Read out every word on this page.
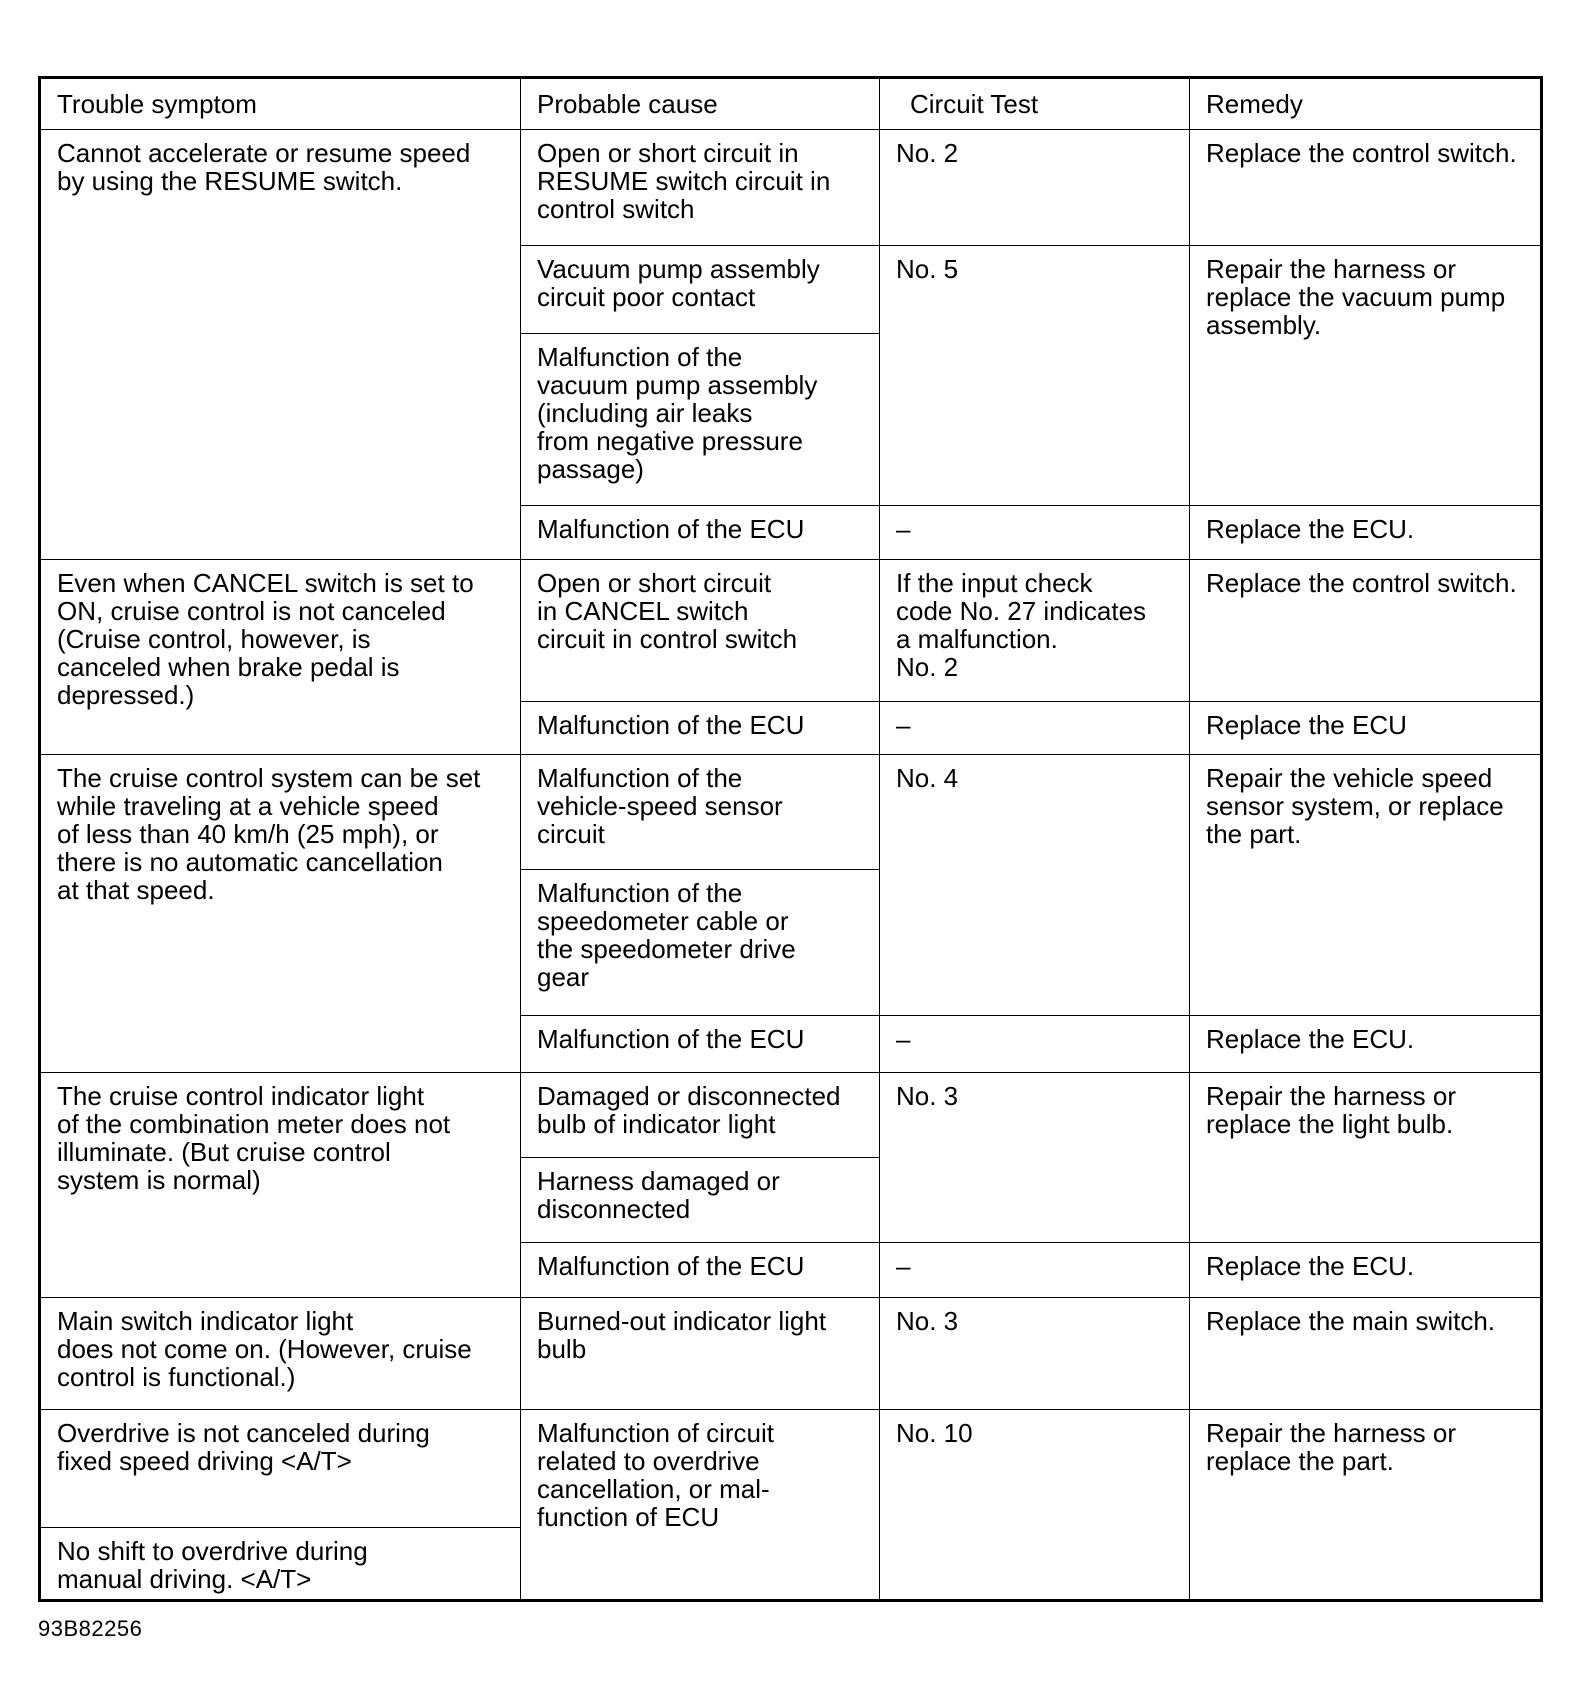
Trouble symptom	Probable cause	Circuit Test	Remedy
Cannot accelerate or resume speed
by using the RESUME switch.	Open or short circuit in
RESUME switch circuit in
control switch	No. 2	Replace the control switch.
	Vacuum pump assembly
circuit poor contact	No. 5	Repair the harness or
replace the vacuum pump
assembly.
	Malfunction of the
vacuum pump assembly
(including air leaks
from negative pressure
passage)		
	Malfunction of the ECU	–	Replace the ECU.
Even when CANCEL switch is set to
ON, cruise control is not canceled
(Cruise control, however, is
canceled when brake pedal is
depressed.)	Open or short circuit
in CANCEL switch
circuit in control switch	If the input check
code No. 27 indicates
a malfunction.
No. 2	Replace the control switch.
	Malfunction of the ECU	–	Replace the ECU
The cruise control system can be set
while traveling at a vehicle speed
of less than 40 km/h (25 mph), or
there is no automatic cancellation
at that speed.	Malfunction of the
vehicle-speed sensor
circuit	No. 4	Repair the vehicle speed
sensor system, or replace
the part.
	Malfunction of the
speedometer cable or
the speedometer drive
gear		
	Malfunction of the ECU	–	Replace the ECU.
The cruise control indicator light
of the combination meter does not
illuminate. (But cruise control
system is normal)	Damaged or disconnected
bulb of indicator light	No. 3	Repair the harness or
replace the light bulb.
	Harness damaged or
disconnected		
	Malfunction of the ECU	–	Replace the ECU.
Main switch indicator light
does not come on. (However, cruise
control is functional.)	Burned-out indicator light
bulb	No. 3	Replace the main switch.
Overdrive is not canceled during
fixed speed driving <A/T>	Malfunction of circuit
related to overdrive
cancellation, or mal-
function of ECU	No. 10	Repair the harness or
replace the part.
No shift to overdrive during
manual driving. <A/T>			
93B82256
